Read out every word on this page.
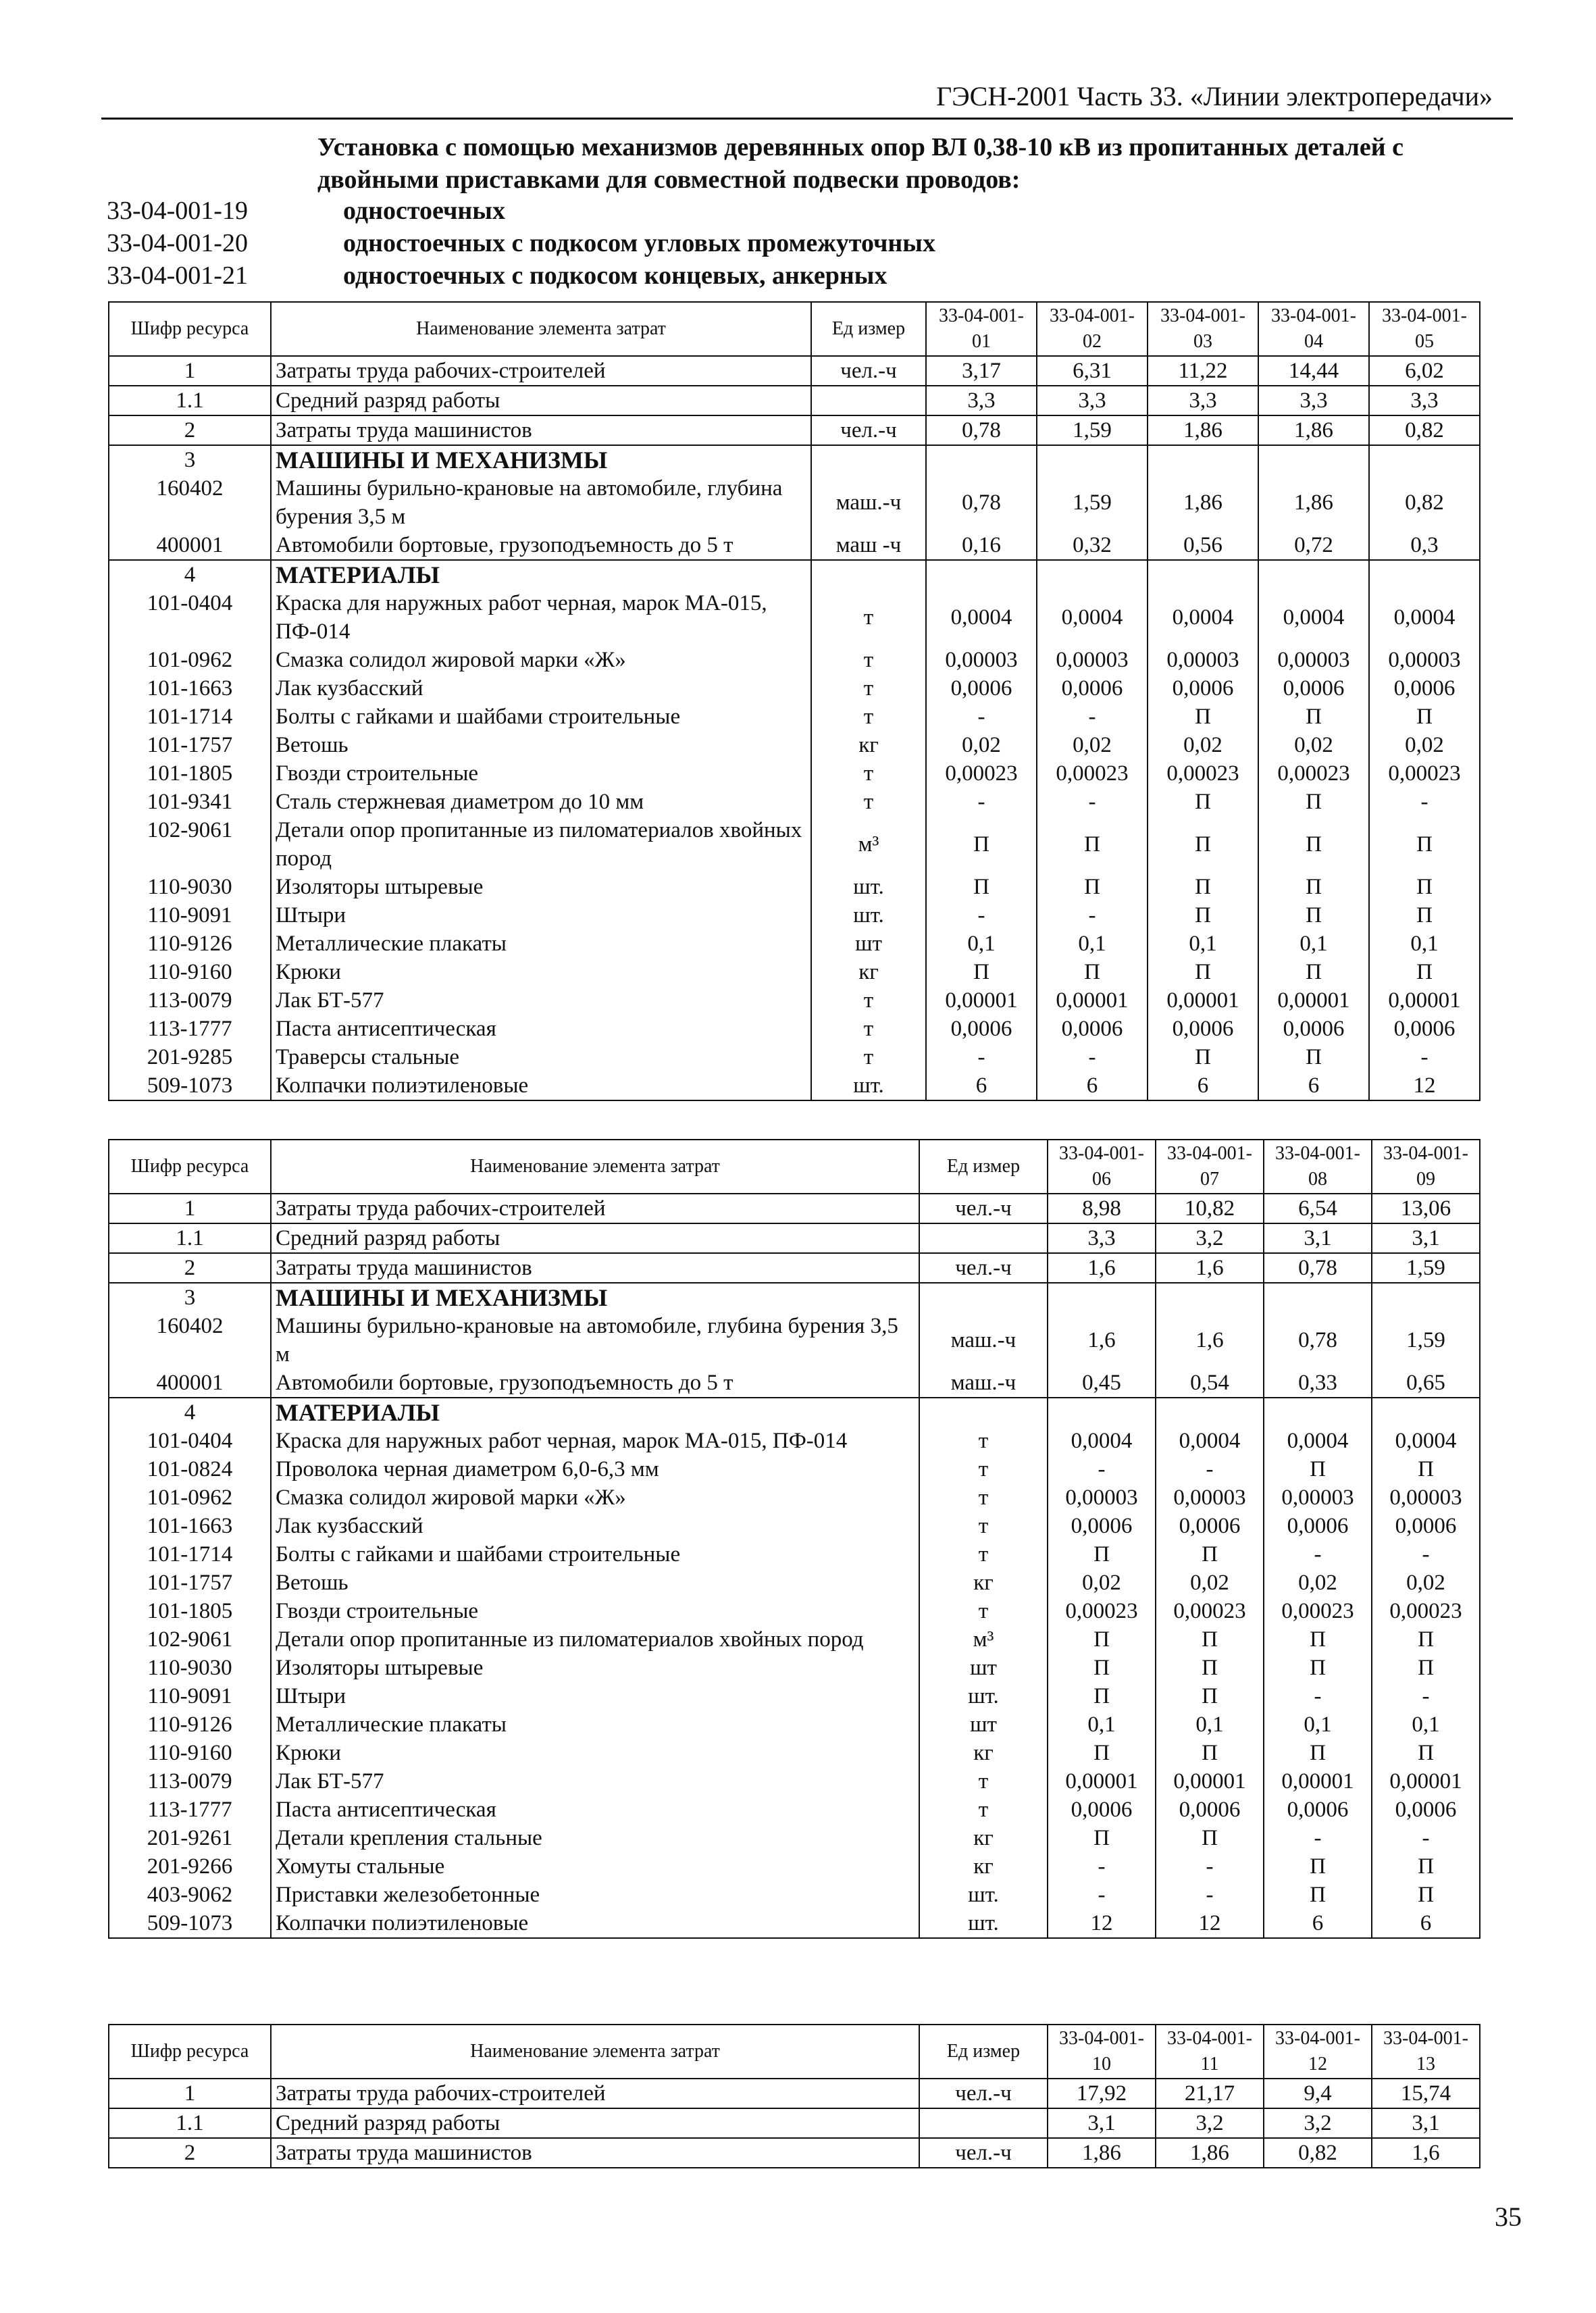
ГЭСН-2001 Часть 33. «Линии электропередачи»
Установка с помощью механизмов деревянных опор ВЛ 0,38-10 кВ из пропитанных деталей с двойными приставками для совместной подвески проводов:
33-04-001-19	одностоечных
33-04-001-20	одностоечных с подкосом угловых промежуточных
33-04-001-21	одностоечных с подкосом концевых, анкерных
Шифр ресурса	Наименование элемента затрат	Ед измер	33-04-001-01	33-04-001-02	33-04-001-03	33-04-001-04	33-04-001-05
1	Затраты труда рабочих-строителей	чел.-ч	3,17	6,31	11,22	14,44	6,02
1.1	Средний разряд работы		3,3	3,3	3,3	3,3	3,3
2	Затраты труда машинистов	чел.-ч	0,78	1,59	1,86	1,86	0,82
3	МАШИНЫ И МЕХАНИЗМЫ						
160402	Машины бурильно-крановые на автомобиле, глубина бурения 3,5 м	маш.-ч	0,78	1,59	1,86	1,86	0,82
400001	Автомобили бортовые, грузоподъемность до 5 т	маш -ч	0,16	0,32	0,56	0,72	0,3
4	МАТЕРИАЛЫ						
101-0404	Краска для наружных работ черная, марок МА-015, ПФ-014	т	0,0004	0,0004	0,0004	0,0004	0,0004
101-0962	Смазка солидол жировой марки «Ж»	т	0,00003	0,00003	0,00003	0,00003	0,00003
101-1663	Лак кузбасский	т	0,0006	0,0006	0,0006	0,0006	0,0006
101-1714	Болты с гайками и шайбами строительные	т	-	-	П	П	П
101-1757	Ветошь	кг	0,02	0,02	0,02	0,02	0,02
101-1805	Гвозди строительные	т	0,00023	0,00023	0,00023	0,00023	0,00023
101-9341	Сталь стержневая диаметром до 10 мм	т	-	-	П	П	-
102-9061	Детали опор пропитанные из пиломатериалов хвойных пород	м³	П	П	П	П	П
110-9030	Изоляторы штыревые	шт.	П	П	П	П	П
110-9091	Штыри	шт.	-	-	П	П	П
110-9126	Металлические плакаты	шт	0,1	0,1	0,1	0,1	0,1
110-9160	Крюки	кг	П	П	П	П	П
113-0079	Лак БТ-577	т	0,00001	0,00001	0,00001	0,00001	0,00001
113-1777	Паста антисептическая	т	0,0006	0,0006	0,0006	0,0006	0,0006
201-9285	Траверсы стальные	т	-	-	П	П	-
509-1073	Колпачки полиэтиленовые	шт.	6	6	6	6	12
Шифр ресурса	Наименование элемента затрат	Ед измер	33-04-001-06	33-04-001-07	33-04-001-08	33-04-001-09
1	Затраты труда рабочих-строителей	чел.-ч	8,98	10,82	6,54	13,06
1.1	Средний разряд работы		3,3	3,2	3,1	3,1
2	Затраты труда машинистов	чел.-ч	1,6	1,6	0,78	1,59
3	МАШИНЫ И МЕХАНИЗМЫ					
160402	Машины бурильно-крановые на автомобиле, глубина бурения 3,5 м	маш.-ч	1,6	1,6	0,78	1,59
400001	Автомобили бортовые, грузоподъемность до 5 т	маш.-ч	0,45	0,54	0,33	0,65
4	МАТЕРИАЛЫ					
101-0404	Краска для наружных работ черная, марок МА-015, ПФ-014	т	0,0004	0,0004	0,0004	0,0004
101-0824	Проволока черная диаметром 6,0-6,3 мм	т	-	-	П	П
101-0962	Смазка солидол жировой марки «Ж»	т	0,00003	0,00003	0,00003	0,00003
101-1663	Лак кузбасский	т	0,0006	0,0006	0,0006	0,0006
101-1714	Болты с гайками и шайбами строительные	т	П	П	-	-
101-1757	Ветошь	кг	0,02	0,02	0,02	0,02
101-1805	Гвозди строительные	т	0,00023	0,00023	0,00023	0,00023
102-9061	Детали опор пропитанные из пиломатериалов хвойных пород	м³	П	П	П	П
110-9030	Изоляторы штыревые	шт	П	П	П	П
110-9091	Штыри	шт.	П	П	-	-
110-9126	Металлические плакаты	шт	0,1	0,1	0,1	0,1
110-9160	Крюки	кг	П	П	П	П
113-0079	Лак БТ-577	т	0,00001	0,00001	0,00001	0,00001
113-1777	Паста антисептическая	т	0,0006	0,0006	0,0006	0,0006
201-9261	Детали крепления стальные	кг	П	П	-	-
201-9266	Хомуты стальные	кг	-	-	П	П
403-9062	Приставки железобетонные	шт.	-	-	П	П
509-1073	Колпачки полиэтиленовые	шт.	12	12	6	6
Шифр ресурса	Наименование элемента затрат	Ед измер	33-04-001-10	33-04-001-11	33-04-001-12	33-04-001-13
1	Затраты труда рабочих-строителей	чел.-ч	17,92	21,17	9,4	15,74
1.1	Средний разряд работы		3,1	3,2	3,2	3,1
2	Затраты труда машинистов	чел.-ч	1,86	1,86	0,82	1,6
35
